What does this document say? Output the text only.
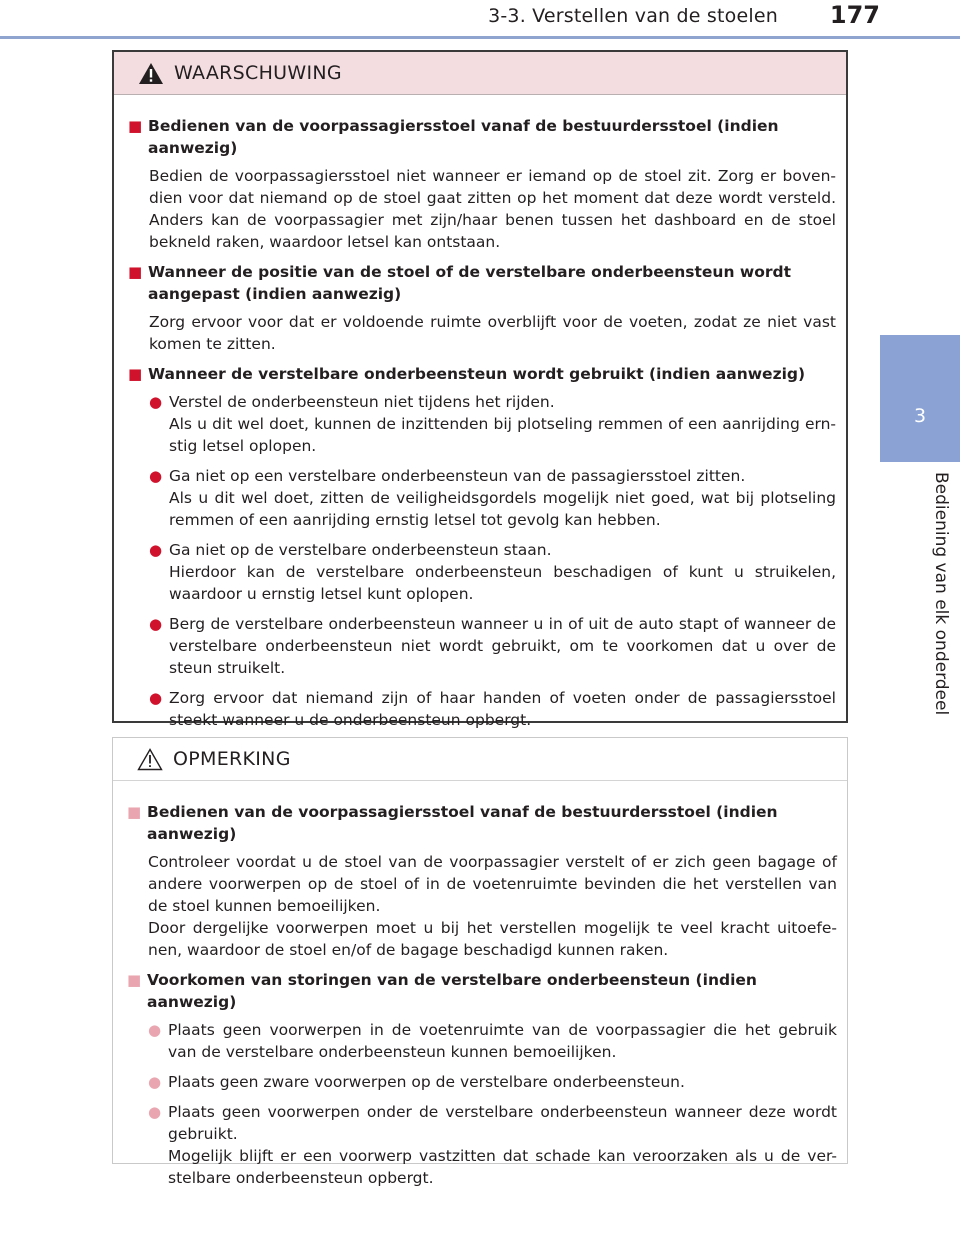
3-3. Verstellen van de stoelen 177
3
Bediening van elk onderdeel
WAARSCHUWING
■ Bedienen van de voorpassagiersstoel vanaf de bestuurdersstoel (indien aanwezig)
Bedien de voorpassagiersstoel niet wanneer er iemand op de stoel zit. Zorg er boven-dien voor dat niemand op de stoel gaat zitten op het moment dat deze wordt versteld. Anders kan de voorpassagier met zijn/haar benen tussen het dashboard en de stoel bekneld raken, waardoor letsel kan ontstaan.
■ Wanneer de positie van de stoel of de verstelbare onderbeensteun wordt aangepast (indien aanwezig)
Zorg ervoor voor dat er voldoende ruimte overblijft voor de voeten, zodat ze niet vast komen te zitten.
■ Wanneer de verstelbare onderbeensteun wordt gebruikt (indien aanwezig)
● Verstel de onderbeensteun niet tijdens het rijden.
Als u dit wel doet, kunnen de inzittenden bij plotseling remmen of een aanrijding ern-stig letsel oplopen.
● Ga niet op een verstelbare onderbeensteun van de passagiersstoel zitten.
Als u dit wel doet, zitten de veiligheidsgordels mogelijk niet goed, wat bij plotseling remmen of een aanrijding ernstig letsel tot gevolg kan hebben.
● Ga niet op de verstelbare onderbeensteun staan.
Hierdoor kan de verstelbare onderbeensteun beschadigen of kunt u struikelen, waardoor u ernstig letsel kunt oplopen.
● Berg de verstelbare onderbeensteun wanneer u in of uit de auto stapt of wanneer de verstelbare onderbeensteun niet wordt gebruikt, om te voorkomen dat u over de steun struikelt.
● Zorg ervoor dat niemand zijn of haar handen of voeten onder de passagiersstoel steekt wanneer u de onderbeensteun opbergt.
OPMERKING
■ Bedienen van de voorpassagiersstoel vanaf de bestuurdersstoel (indien aanwezig)
Controleer voordat u de stoel van de voorpassagier verstelt of er zich geen bagage of andere voorwerpen op de stoel of in de voetenruimte bevinden die het verstellen van de stoel kunnen bemoeilijken.
Door dergelijke voorwerpen moet u bij het verstellen mogelijk te veel kracht uitoefe-nen, waardoor de stoel en/of de bagage beschadigd kunnen raken.
■ Voorkomen van storingen van de verstelbare onderbeensteun (indien aanwezig)
● Plaats geen voorwerpen in de voetenruimte van de voorpassagier die het gebruik van de verstelbare onderbeensteun kunnen bemoeilijken.
● Plaats geen zware voorwerpen op de verstelbare onderbeensteun.
● Plaats geen voorwerpen onder de verstelbare onderbeensteun wanneer deze wordt gebruikt.
Mogelijk blijft er een voorwerp vastzitten dat schade kan veroorzaken als u de ver-stelbare onderbeensteun opbergt.
